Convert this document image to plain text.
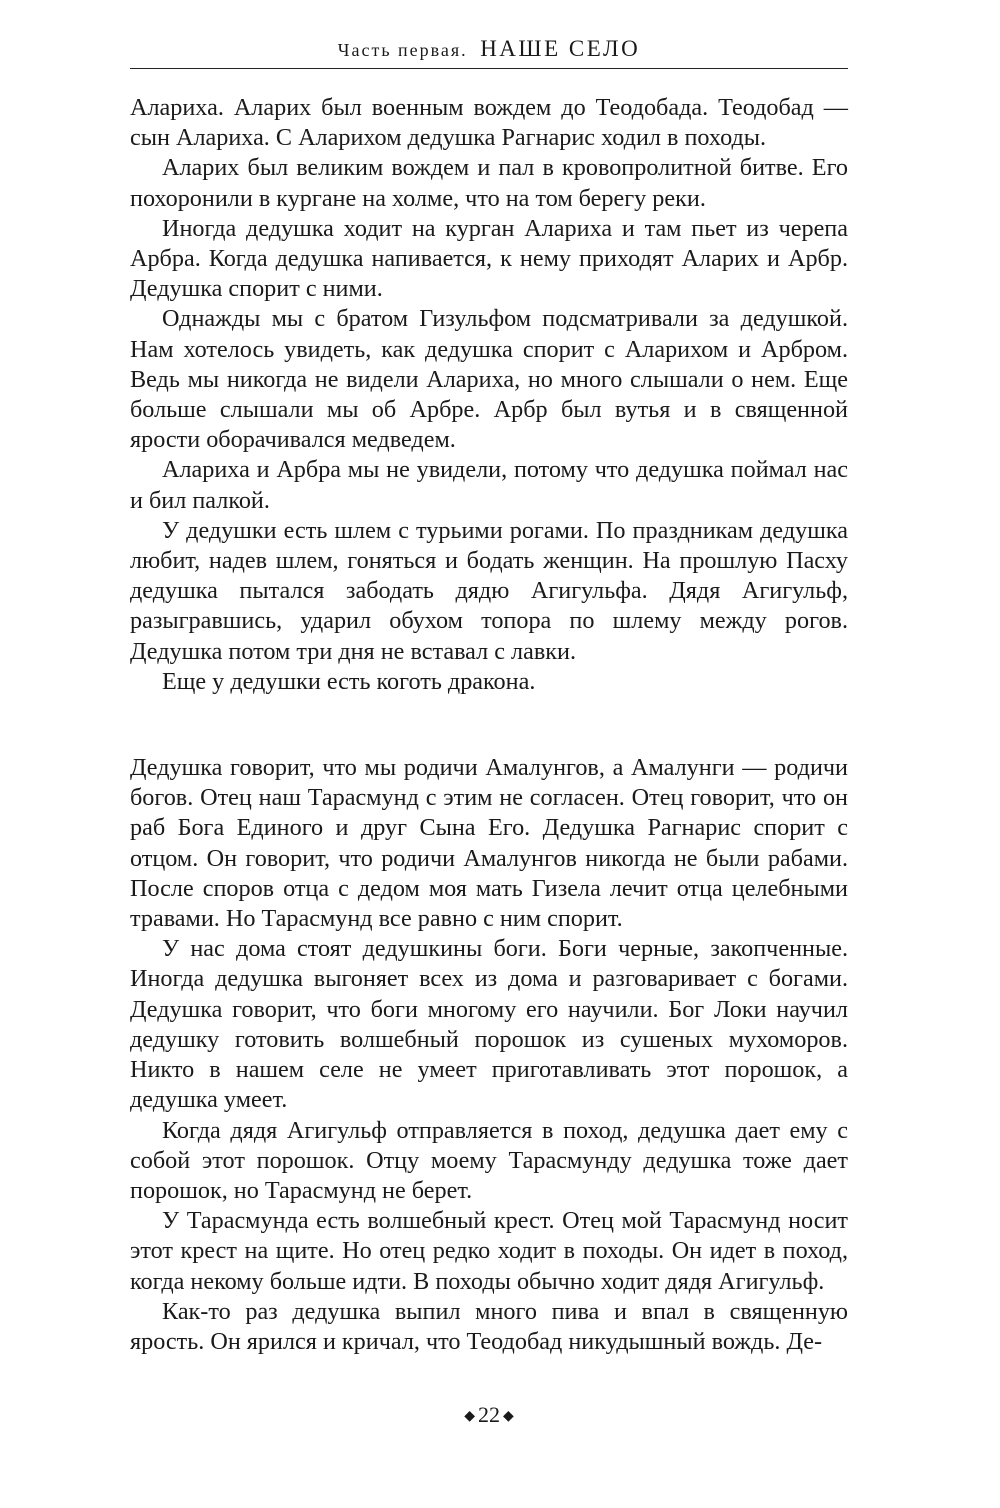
Часть первая. НАШЕ СЕЛО

Алариха. Аларих был военным вождем до Теодобада. Теодобад — сын Алариха. С Аларихом дедушка Рагнарис ходил в походы.

Аларих был великим вождем и пал в кровопролитной битве. Его похоронили в кургане на холме, что на том берегу реки.

Иногда дедушка ходит на курган Алариха и там пьет из черепа Арбра. Когда дедушка напивается, к нему приходят Аларих и Арбр. Дедушка спорит с ними.

Однажды мы с братом Гизульфом подсматривали за дедушкой. Нам хотелось увидеть, как дедушка спорит с Аларихом и Арбром. Ведь мы никогда не видели Алариха, но много слышали о нем. Еще больше слышали мы об Арбре. Арбр был вутья и в священной ярости оборачивался медведем.

Алариха и Арбра мы не увидели, потому что дедушка поймал нас и бил палкой.

У дедушки есть шлем с турьими рогами. По праздникам дедушка любит, надев шлем, гоняться и бодать женщин. На прошлую Пасху дедушка пытался забодать дядю Агигульфа. Дядя Агигульф, разыгравшись, ударил обухом топора по шлему между рогов. Дедушка потом три дня не вставал с лавки.

Еще у дедушки есть коготь дракона.

Дедушка говорит, что мы родичи Амалунгов, а Амалунги — родичи богов. Отец наш Тарасмунд с этим не согласен. Отец говорит, что он раб Бога Единого и друг Сына Его. Дедушка Рагнарис спорит с отцом. Он говорит, что родичи Амалунгов никогда не были рабами. После споров отца с дедом моя мать Гизела лечит отца целебными травами. Но Тарасмунд все равно с ним спорит.

У нас дома стоят дедушкины боги. Боги черные, закопченные. Иногда дедушка выгоняет всех из дома и разговаривает с богами. Дедушка говорит, что боги многому его научили. Бог Локи научил дедушку готовить волшебный порошок из сушеных мухоморов. Никто в нашем селе не умеет приготавливать этот порошок, а дедушка умеет.

Когда дядя Агигульф отправляется в поход, дедушка дает ему с собой этот порошок. Отцу моему Тарасмунду дедушка тоже дает порошок, но Тарасмунд не берет.

У Тарасмунда есть волшебный крест. Отец мой Тарасмунд носит этот крест на щите. Но отец редко ходит в походы. Он идет в поход, когда некому больше идти. В походы обычно ходит дядя Агигульф.

Как-то раз дедушка выпил много пива и впал в священную ярость. Он ярился и кричал, что Теодобад никудышный вождь. Де-

◆ 22 ◆
